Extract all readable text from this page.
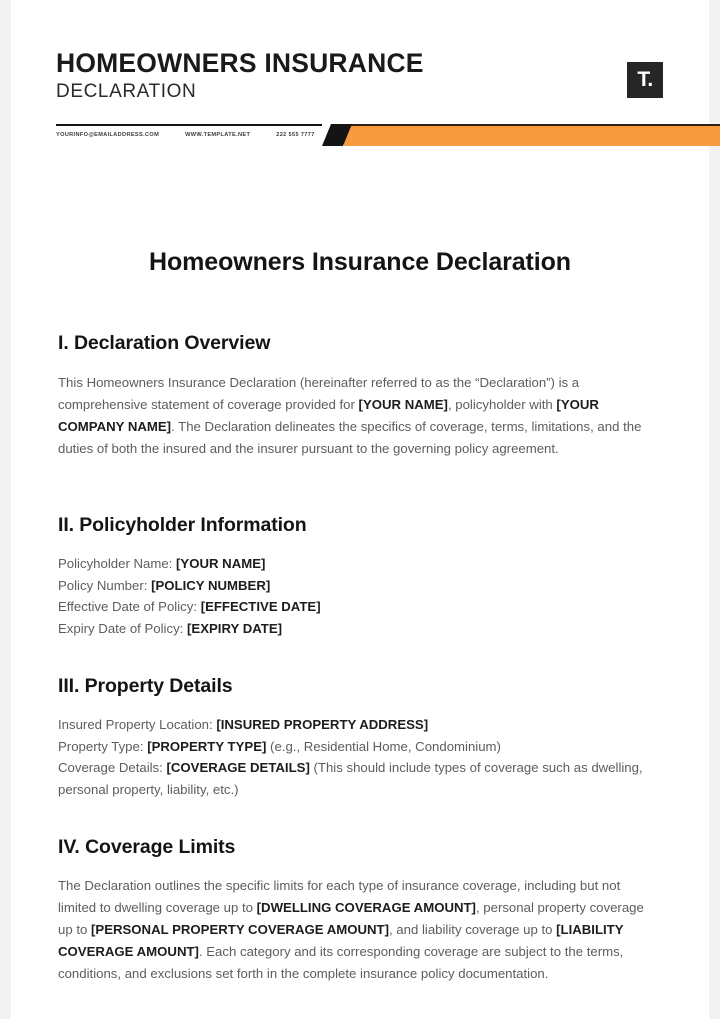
HOMEOWNERS INSURANCE
DECLARATION
T.
YOURINFO@EMAILADDRESS.COM	WWW.TEMPLATE.NET	222 555 7777
Homeowners Insurance Declaration
I. Declaration Overview

This Homeowners Insurance Declaration (hereinafter referred to as the “Declaration”) is a comprehensive statement of coverage provided for [YOUR NAME], policyholder with [YOUR COMPANY NAME]. The Declaration delineates the specifics of coverage, terms, limitations, and the duties of both the insured and the insurer pursuant to the governing policy agreement.

II. Policyholder Information
Policyholder Name: [YOUR NAME]
Policy Number: [POLICY NUMBER]
Effective Date of Policy: [EFFECTIVE DATE]
Expiry Date of Policy: [EXPIRY DATE]
III. Property Details
Insured Property Location: [INSURED PROPERTY ADDRESS]
Property Type: [PROPERTY TYPE] (e.g., Residential Home, Condominium)
Coverage Details: [COVERAGE DETAILS] (This should include types of coverage such as dwelling, personal property, liability, etc.)
IV. Coverage Limits

The Declaration outlines the specific limits for each type of insurance coverage, including but not limited to dwelling coverage up to [DWELLING COVERAGE AMOUNT], personal property coverage up to [PERSONAL PROPERTY COVERAGE AMOUNT], and liability coverage up to [LIABILITY COVERAGE AMOUNT]. Each category and its corresponding coverage are subject to the terms, conditions, and exclusions set forth in the complete insurance policy documentation.
